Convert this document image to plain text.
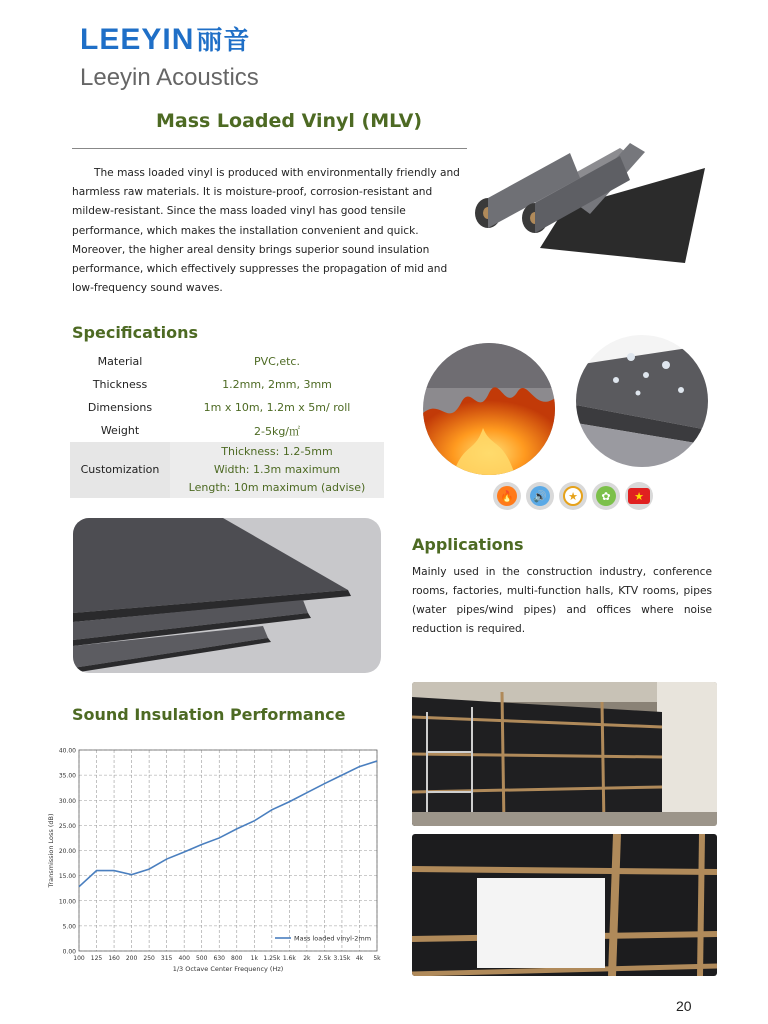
LEEYIN丽音
Leeyin Acoustics
Mass Loaded Vinyl (MLV)

The mass loaded vinyl is produced with environmentally friendly and harmless raw materials. It is moisture-proof, corrosion-resistant and mildew-resistant. Since the mass loaded vinyl has good tensile performance, which makes the installation convenient and quick. Moreover, the higher areal density brings superior sound insulation performance, which effectively suppresses the propagation of mid and low-frequency sound waves.

Specifications
Material	PVC,etc.
Thickness	1.2mm, 2mm, 3mm
Dimensions	1m x 10m, 1.2m x 5m/ roll
Weight	2-5kg/㎡
Customization	Thickness: 1.2-5mm
Width: 1.3m maximum
Length: 10m maximum (advise)
🔥 🔊	★	✿	★
Applications

Mainly used in the construction industry, conference rooms, factories, multi-function halls, KTV rooms, pipes (water pipes/wind pipes) and offices where noise reduction is required.

Sound Insulation Performance
0.00
5.00
10.00
15.00
20.00
25.00
30.00
35.00
40.00
100 125 160 200 250 315 400 500 630 800 1k 1.25k 1.6k 2k 2.5k 3.15k 4k 5k
1/3 Octave Center Frequency (Hz)
Transmission Loss (dB)
Mass loaded vinyl-2mm
20
